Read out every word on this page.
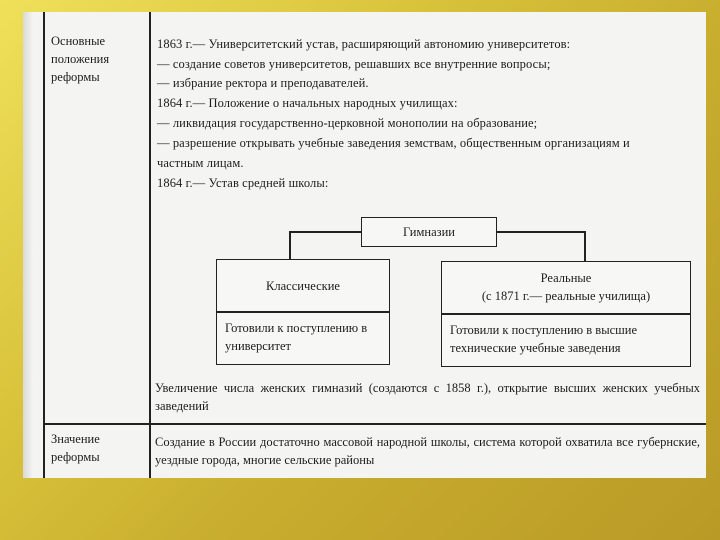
Основные положения реформы
Значение реформы
1863 г.— Университетский устав, расширяющий автономию университетов:
— создание советов университетов, решавших все внутренние вопросы;
— избрание ректора и преподавателей.
1864 г.— Положение о начальных народных училищах:
— ликвидация государственно-церковной монополии на образование;
— разрешение открывать учебные заведения земствам, общественным организациям и
частным лицам.
1864 г.— Устав средней школы:
Гимназии
Классические
Реальные
(с 1871 г.— реальные училища)
Готовили к поступлению в университет
Готовили к поступлению в высшие технические учебные заведения
Увеличение числа женских гимназий (создаются с 1858 г.), открытие высших женских учебных заведений
Создание в России достаточно массовой народной школы, система которой охватила все губернские, уездные города, многие сельские районы
